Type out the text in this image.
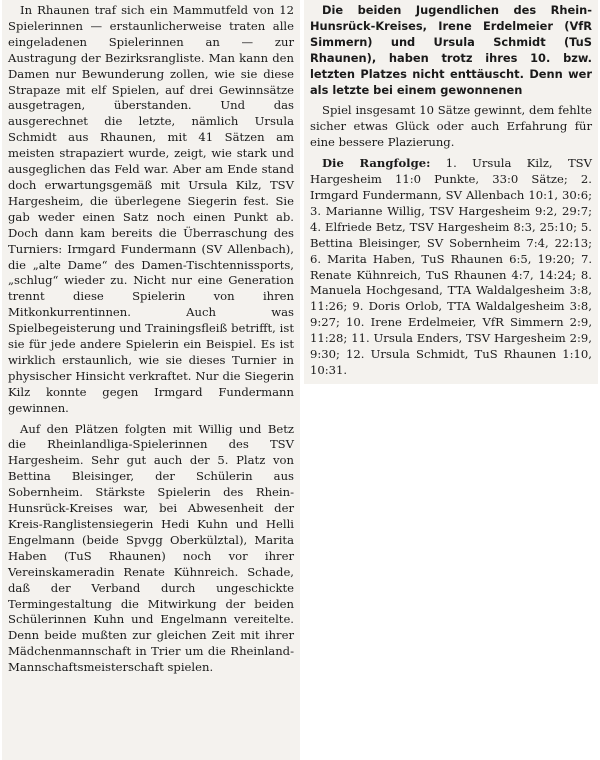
In Rhaunen traf sich ein Mammutfeld von 12 Spielerinnen — erstaunlicherweise traten alle eingeladenen Spielerinnen an — zur Austragung der Bezirksrangliste. Man kann den Damen nur Bewunderung zollen, wie sie diese Strapaze mit elf Spielen, auf drei Gewinnsätze ausgetragen, überstanden. Und das ausgerechnet die letzte, nämlich Ursula Schmidt aus Rhaunen, mit 41 Sätzen am meisten strapaziert wurde, zeigt, wie stark und ausgeglichen das Feld war. Aber am Ende stand doch erwartungsgemäß mit Ursula Kilz, TSV Hargesheim, die überlegene Siegerin fest. Sie gab weder einen Satz noch einen Punkt ab. Doch dann kam bereits die Überraschung des Turniers: Irmgard Fundermann (SV Allenbach), die „alte Dame“ des Damen-Tischtennissports, „schlug“ wieder zu. Nicht nur eine Generation trennt diese Spielerin von ihren Mitkonkurrentinnen. Auch was Spielbegeisterung und Trainingsfleiß betrifft, ist sie für jede andere Spielerin ein Beispiel. Es ist wirklich erstaunlich, wie sie dieses Turnier in physischer Hinsicht verkraftet. Nur die Siegerin Kilz konnte gegen Irmgard Fundermann gewinnen.

Auf den Plätzen folgten mit Willig und Betz die Rheinlandliga-Spielerinnen des TSV Hargesheim. Sehr gut auch der 5. Platz von Bettina Bleisinger, der Schülerin aus Sobernheim. Stärkste Spielerin des Rhein-Hunsrück-Kreises war, bei Abwesenheit der Kreis-Ranglistensiegerin Hedi Kuhn und Helli Engelmann (beide Spvgg Oberkülztal), Marita Haben (TuS Rhaunen) noch vor ihrer Vereinskameradin Renate Kühnreich. Schade, daß der Verband durch ungeschickte Termingestaltung die Mitwirkung der beiden Schülerinnen Kuhn und Engelmann vereitelte. Denn beide mußten zur gleichen Zeit mit ihrer Mädchenmannschaft in Trier um die Rheinland-Mannschaftsmeisterschaft spielen.

Die beiden Jugendlichen des Rhein-Hunsrück-Kreises, Irene Erdelmeier (VfR Simmern) und Ursula Schmidt (TuS Rhaunen), haben trotz ihres 10. bzw. letzten Platzes nicht enttäuscht. Denn wer als letzte bei einem gewonnenen

Spiel insgesamt 10 Sätze gewinnt, dem fehlte sicher etwas Glück oder auch Erfahrung für eine bessere Plazierung.

Die Rangfolge: 1. Ursula Kilz, TSV Hargesheim 11:0 Punkte, 33:0 Sätze; 2. Irmgard Fundermann, SV Allenbach 10:1, 30:6; 3. Marianne Willig, TSV Hargesheim 9:2, 29:7; 4. Elfriede Betz, TSV Hargesheim 8:3, 25:10; 5. Bettina Bleisinger, SV Sobernheim 7:4, 22:13; 6. Marita Haben, TuS Rhaunen 6:5, 19:20; 7. Renate Kühnreich, TuS Rhaunen 4:7, 14:24; 8. Manuela Hochgesand, TTA Waldalgesheim 3:8, 11:26; 9. Doris Orlob, TTA Waldalgesheim 3:8, 9:27; 10. Irene Erdelmeier, VfR Simmern 2:9, 11:28; 11. Ursula Enders, TSV Hargesheim 2:9, 9:30; 12. Ursula Schmidt, TuS Rhaunen 1:10, 10:31.
